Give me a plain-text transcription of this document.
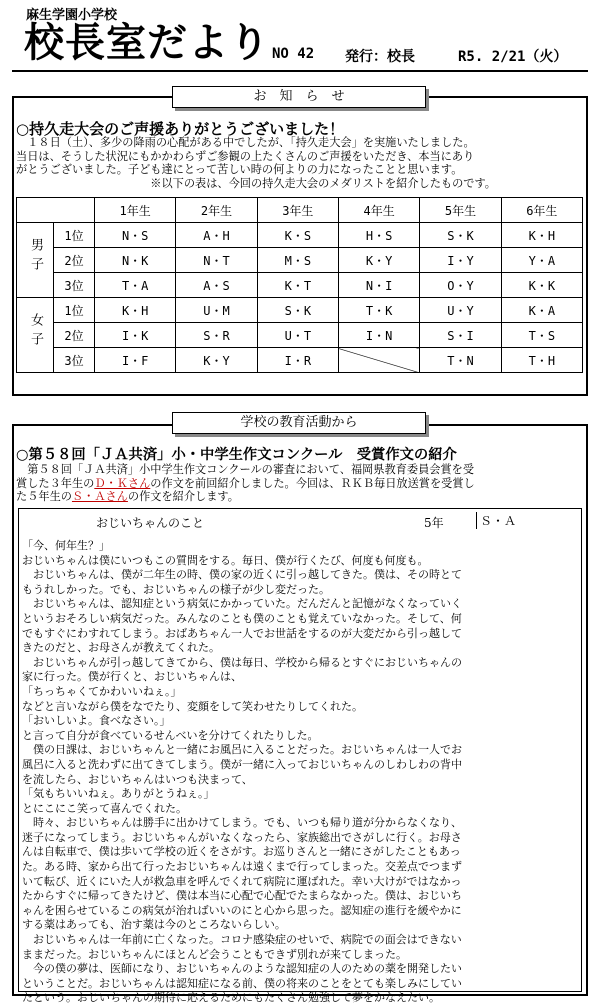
麻生学園小学校
校長室だより NO 42 発行：校長	R5. 2/21（火）
お　知　ら　せ
○持久走大会のご声援ありがとうございました！
　１８日（土）、多少の降雨の心配がある中でしたが、「持久走大会」を実施いたしました。
当日は、そうした状況にもかかわらずご参観の上たくさんのご声援をいただき、本当にあり
がとうございました。子ども達にとって苦しい時の何よりの力になったことと思います。
　　　　　　　　　　　　※以下の表は、今回の持久走大会のメダリストを紹介したものです。
		1年生	2年生	3年生	4年生	5年生	6年生
男子	1位	N・S	A・H	K・S	H・S	S・K	K・H
	2位	N・K	N・T	M・S	K・Y	I・Y	Y・A
	3位	T・A	A・S	K・T	N・I	O・Y	K・K
女子	1位	K・H	U・M	S・K	T・K	U・Y	K・A
	2位	I・K	S・R	U・T	I・N	S・I	T・S
	3位	I・F	K・Y	I・R		T・N	T・H
学校の教育活動から
○第５８回「ＪＡ共済」小・中学生作文コンクール　受賞作文の紹介
　第５８回「ＪＡ共済」小中学生作文コンクールの審査において、福岡県教育委員会賞を受
賞した３年生のＤ・Ｋさんの作文を前回紹介しました。今回は、ＲＫＢ毎日放送賞を受賞し
た５年生のＳ・Ａさんの作文を紹介します。
おじいちゃんのこと	5年	Ｓ・Ａ
「今、何年生？」
おじいちゃんは僕にいつもこの質問をする。毎日、僕が行くたび、何度も何度も。
　おじいちゃんは、僕が二年生の時、僕の家の近くに引っ越してきた。僕は、その時とて
もうれしかった。でも、おじいちゃんの様子が少し変だった。
　おじいちゃんは、認知症という病気にかかっていた。だんだんと記憶がなくなっていく
というおそろしい病気だった。みんなのことも僕のことも覚えていなかった。そして、何
でもすぐにわすれてしまう。おばあちゃん一人でお世話をするのが大変だから引っ越して
きたのだと、お母さんが教えてくれた。
　おじいちゃんが引っ越してきてから、僕は毎日、学校から帰るとすぐにおじいちゃんの
家に行った。僕が行くと、おじいちゃんは、
「ちっちゃくてかわいいねぇ。」
などと言いながら僕をなでたり、変顔をして笑わせたりしてくれた。
「おいしいよ。食べなさい。」
と言って自分が食べているせんべいを分けてくれたりした。
　僕の日課は、おじいちゃんと一緒にお風呂に入ることだった。おじいちゃんは一人でお
風呂に入ると洗わずに出てきてしまう。僕が一緒に入っておじいちゃんのしわしわの背中
を流したら、おじいちゃんはいつも決まって、
「気もちいいねぇ。ありがとうねぇ。」
とにこにこ笑って喜んでくれた。
　時々、おじいちゃんは勝手に出かけてしまう。でも、いつも帰り道が分からなくなり、
迷子になってしまう。おじいちゃんがいなくなったら、家族総出でさがしに行く。お母さ
んは自転車で、僕は歩いて学校の近くをさがす。お巡りさんと一緒にさがしたこともあっ
た。ある時、家から出て行ったおじいちゃんは遠くまで行ってしまった。交差点でつまず
いて転び、近くにいた人が救急車を呼んでくれて病院に運ばれた。幸い大けがではなかっ
たからすぐに帰ってきたけど、僕は本当に心配で心配でたまらなかった。僕は、おじいち
ゃんを困らせているこの病気が治ればいいのにと心から思った。認知症の進行を緩やかに
する薬はあっても、治す薬は今のところないらしい。
　おじいちゃんは一年前に亡くなった。コロナ感染症のせいで、病院での面会はできない
ままだった。おじいちゃんにほとんど会うこともできず別れが来てしまった。
　今の僕の夢は、医師になり、おじいちゃんのような認知症の人のための薬を開発したい
ということだ。おじいちゃんは認知症になる前、僕の将来のことをとても楽しみにしてい
たという。おじいちゃんの期待に応えるためにもたくさん勉強して夢をかなえたい。
